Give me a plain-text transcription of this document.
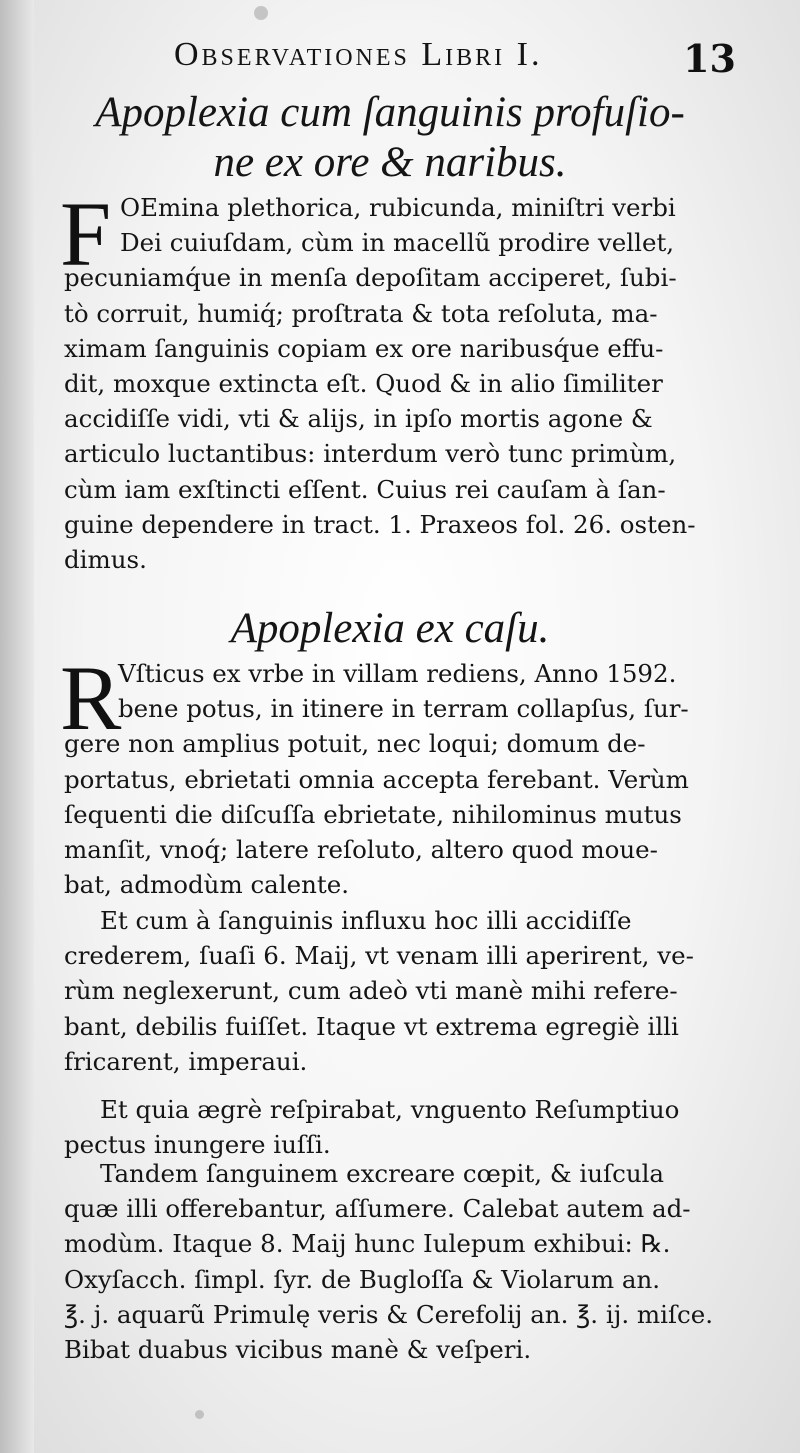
Observationes Libri I.	13
Apoplexia cum ſanguinis profuſio-
ne ex ore & naribus.
F OEmina plethorica, rubicunda, miniſtri verbi
Dei cuiuſdam, cùm in macellũ prodire vellet,
pecuniamq́ue in menſa depoſitam acciperet, ſubi-
tò corruit, humiq́; proſtrata & tota reſoluta, ma-
ximam ſanguinis copiam ex ore naribusq́ue effu-
dit, moxque extincta eſt. Quod & in alio ſimiliter
accidiſſe vidi, vti & alijs, in ipſo mortis agone &
articulo luctantibus: interdum verò tunc primùm,
cùm iam exſtincti eſſent. Cuius rei cauſam à ſan-
guine dependere in tract. 1. Praxeos fol. 26. osten-
dimus.
Apoplexia ex caſu.
R
Vſticus ex vrbe in villam rediens, Anno 1592.
bene potus, in itinere in terram collapſus, ſur-
gere non amplius potuit, nec loqui; domum de-
portatus, ebrietati omnia accepta ferebant. Verùm
ſequenti die diſcuſſa ebrietate, nihilominus mutus
manſit, vnoq́; latere reſoluto, altero quod moue-
bat, admodùm calente.
Et cum à ſanguinis influxu hoc illi accidiſſe
crederem, ſuaſi 6. Maij, vt venam illi aperirent, ve-
rùm neglexerunt, cum adeò vti manè mihi refere-
bant, debilis fuiſſet. Itaque vt extrema egregiè illi
fricarent, imperaui.
Et quia ægrè reſpirabat, vnguento Reſumptiuo
pectus inungere iuſſi.
Tandem ſanguinem excreare cœpit, & iuſcula
quæ illi offerebantur, aſſumere. Calebat autem ad-
modùm. Itaque 8. Maij hunc Iulepum exhibui: ℞.
Oxyſacch. ſimpl. ſyr. de Bugloſſa & Violarum an.
℥. j. aquarũ Primulę veris & Cerefolij an. ℥. ij. miſce.
Bibat duabus vicibus manè & veſperi.
